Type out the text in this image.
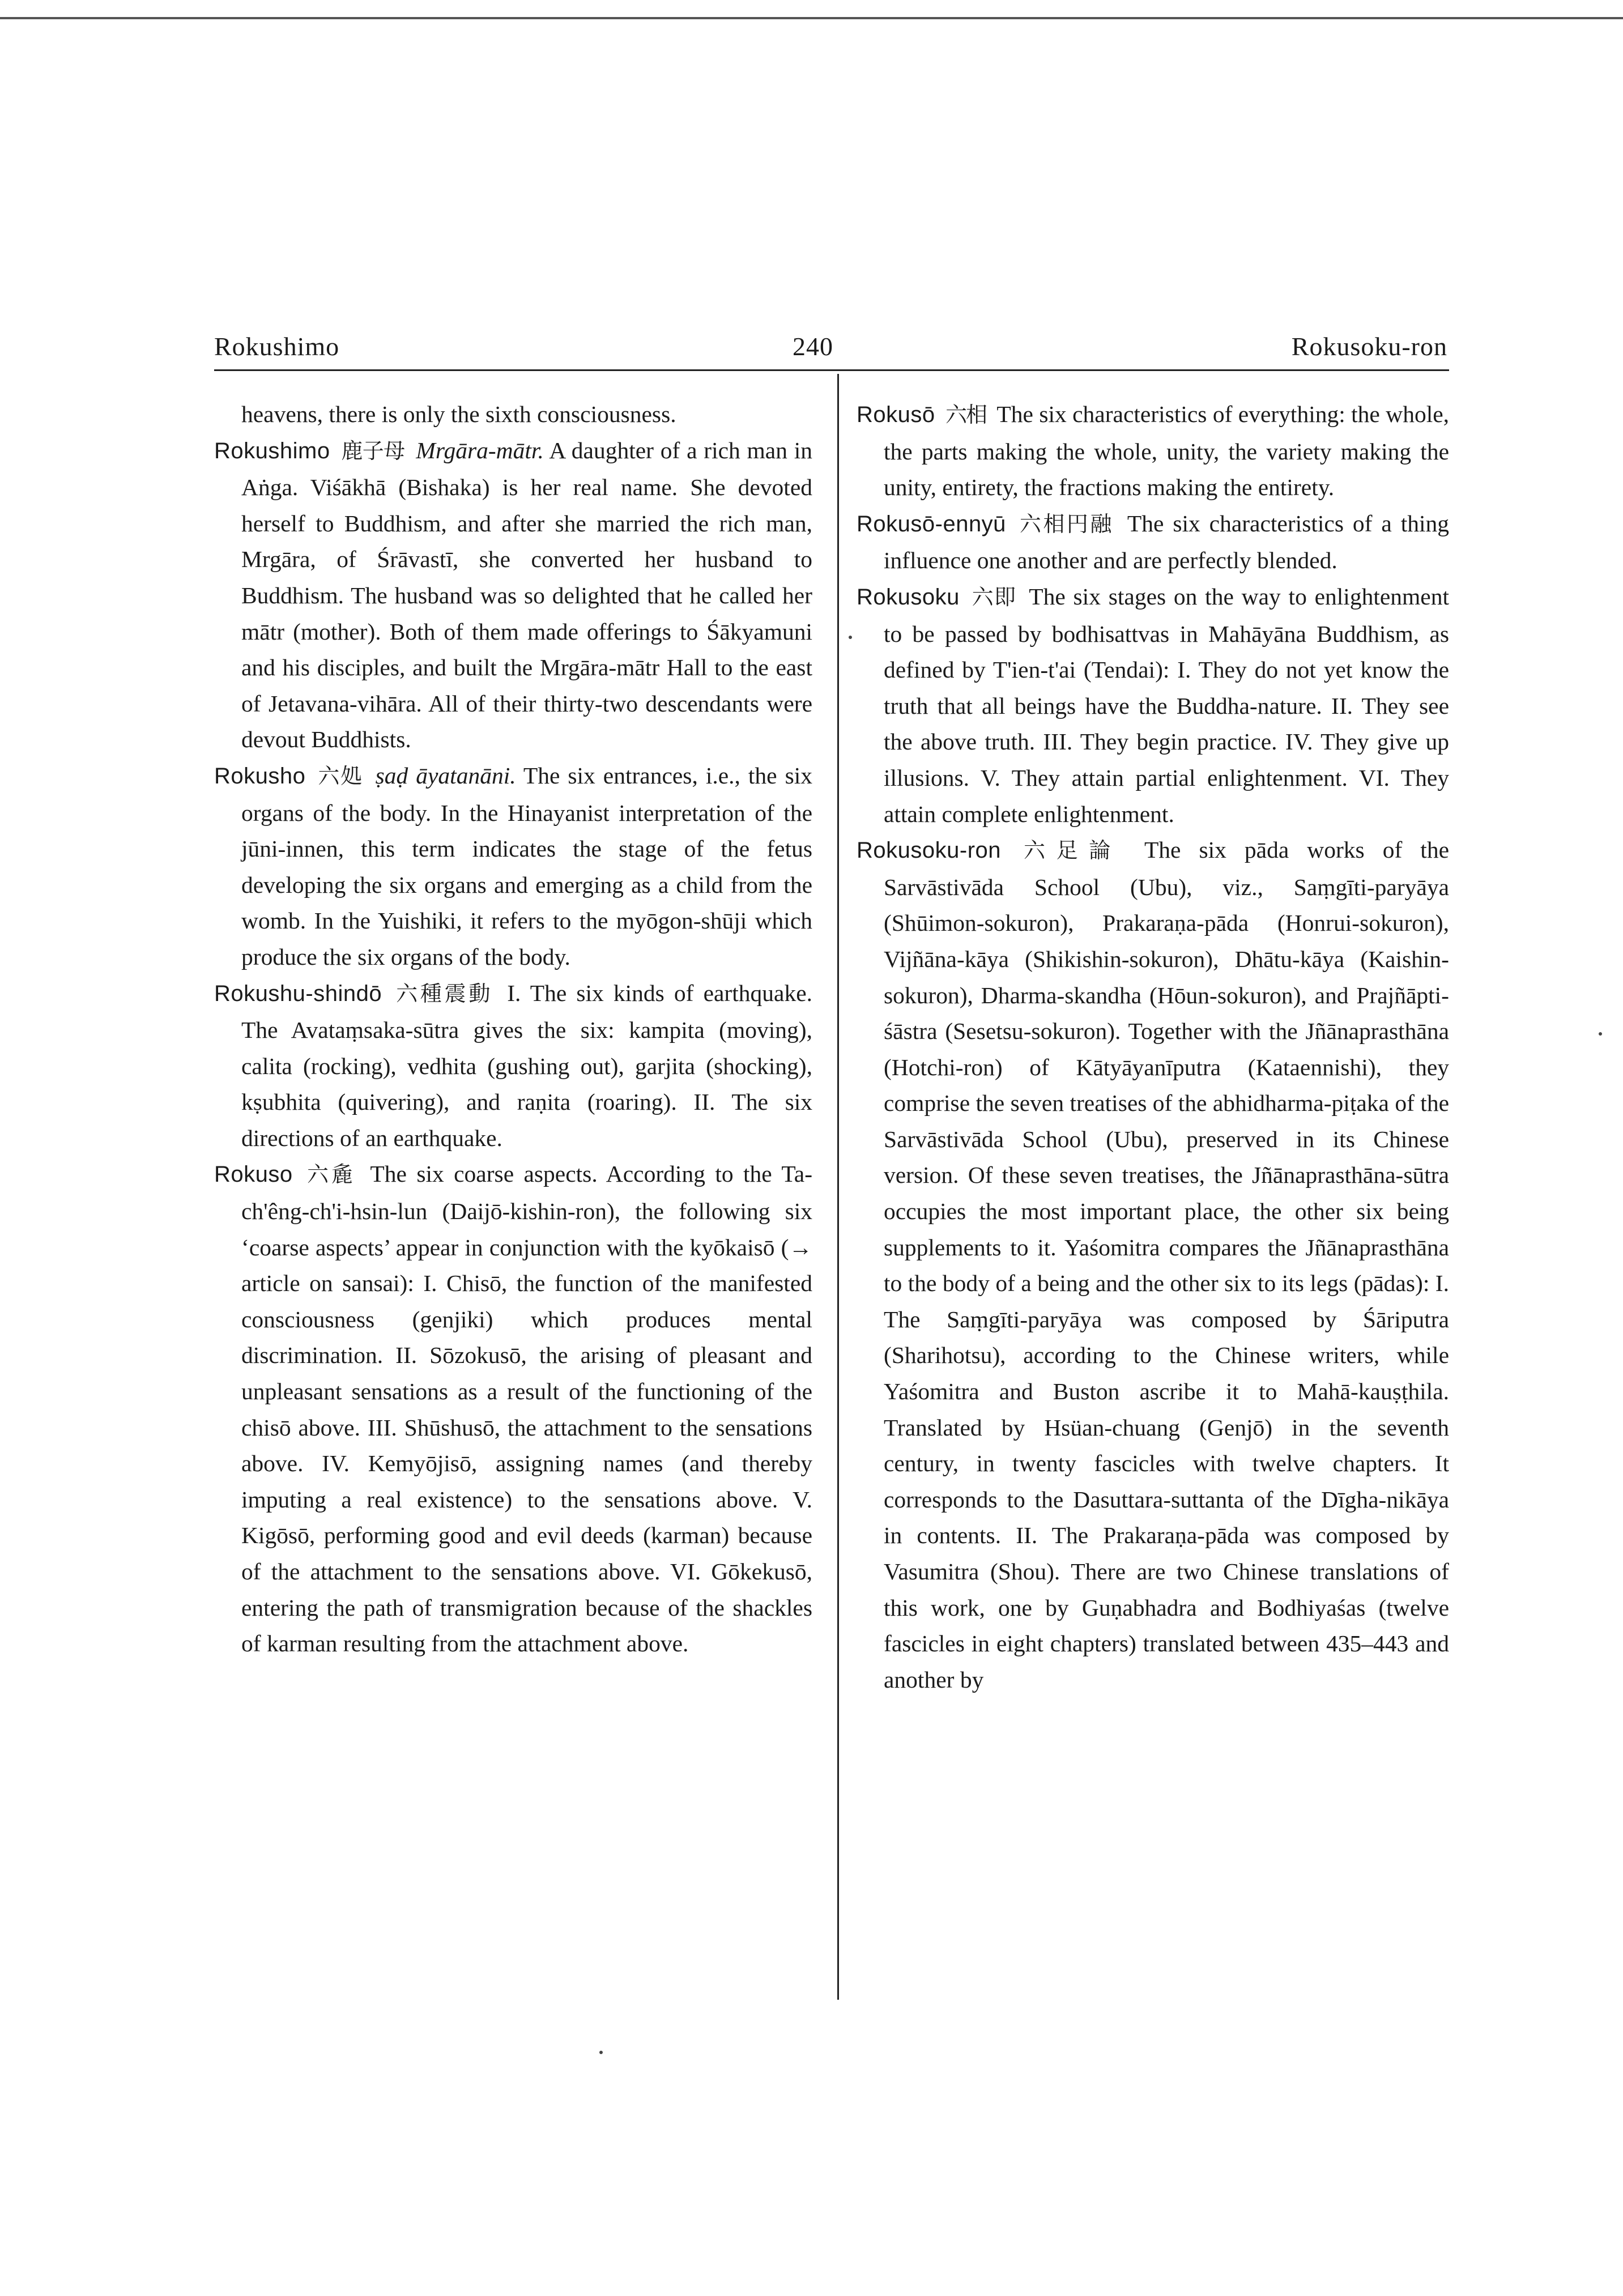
Rokushimo	240	Rokusoku-ron

heavens, there is only the sixth consciousness.

Rokushimo 鹿子母 Mrgāra-mātr. A daughter of a rich man in Aṅga. Viśākhā (Bishaka) is her real name. She devoted herself to Buddhism, and after she married the rich man, Mrgāra, of Śrāvastī, she converted her husband to Buddhism. The husband was so delighted that he called her mātr (mother). Both of them made offerings to Śākyamuni and his disciples, and built the Mrgāra-mātr Hall to the east of Jetavana-vihāra. All of their thirty-two descendants were devout Buddhists.

Rokusho 六処 ṣaḍ āyatanāni. The six entrances, i.e., the six organs of the body. In the Hinayanist interpretation of the jūni-innen, this term indicates the stage of the fetus developing the six organs and emerging as a child from the womb. In the Yuishiki, it refers to the myōgon-shūji which produce the six organs of the body.

Rokushu-shindō 六種震動 I. The six kinds of earthquake. The Avataṃsaka-sūtra gives the six: kampita (moving), calita (rocking), vedhita (gushing out), garjita (shocking), kṣubhita (quivering), and raṇita (roaring). II. The six directions of an earthquake.

Rokuso 六麁 The six coarse aspects. According to the Ta-ch'êng-ch'i-hsin-lun (Daijō-kishin-ron), the following six ‘coarse aspects’ appear in conjunction with the kyōkaisō (→ article on sansai): I. Chisō, the function of the manifested consciousness (genjiki) which produces mental discrimination. II. Sōzokusō, the arising of pleasant and unpleasant sensations as a result of the functioning of the chisō above. III. Shūshusō, the attachment to the sensations above. IV. Kemyōjisō, assigning names (and thereby imputing a real existence) to the sensations above. V. Kigōsō, performing good and evil deeds (karman) because of the attachment to the sensations above. VI. Gōkekusō, entering the path of transmigration because of the shackles of karman resulting from the attachment above.

Rokusō 六相 The six characteristics of everything: the whole, the parts making the whole, unity, the variety making the unity, entirety, the fractions making the entirety.

Rokusō-ennyū 六相円融 The six characteristics of a thing influence one another and are perfectly blended.

Rokusoku 六即 The six stages on the way to enlightenment to be passed by bodhisattvas in Mahāyāna Buddhism, as defined by T'ien-t'ai (Tendai): I. They do not yet know the truth that all beings have the Buddha-nature. II. They see the above truth. III. They begin practice. IV. They give up illusions. V. They attain partial enlightenment. VI. They attain complete enlightenment.

Rokusoku-ron 六足論 The six pāda works of the Sarvāstivāda School (Ubu), viz., Saṃgīti-paryāya (Shūimon-sokuron), Prakaraṇa-pāda (Honrui-sokuron), Vijñāna-kāya (Shikishin-sokuron), Dhātu-kāya (Kaishin-sokuron), Dharma-skandha (Hōun-sokuron), and Prajñāpti-śāstra (Sesetsu-sokuron). Together with the Jñānaprasthāna (Hotchi-ron) of Kātyāyanīputra (Kataennishi), they comprise the seven treatises of the abhidharma-piṭaka of the Sarvāstivāda School (Ubu), preserved in its Chinese version. Of these seven treatises, the Jñānaprasthāna-sūtra occupies the most important place, the other six being supplements to it. Yaśomitra compares the Jñānaprasthāna to the body of a being and the other six to its legs (pādas): I. The Saṃgīti-paryāya was composed by Śāriputra (Sharihotsu), according to the Chinese writers, while Yaśomitra and Buston ascribe it to Mahā-kauṣṭhila. Translated by Hsüan-chuang (Genjō) in the seventh century, in twenty fascicles with twelve chapters. It corresponds to the Dasuttara-suttanta of the Dīgha-nikāya in contents. II. The Prakaraṇa-pāda was composed by Vasumitra (Shou). There are two Chinese translations of this work, one by Guṇabhadra and Bodhiyaśas (twelve fascicles in eight chapters) translated between 435–443 and another by
